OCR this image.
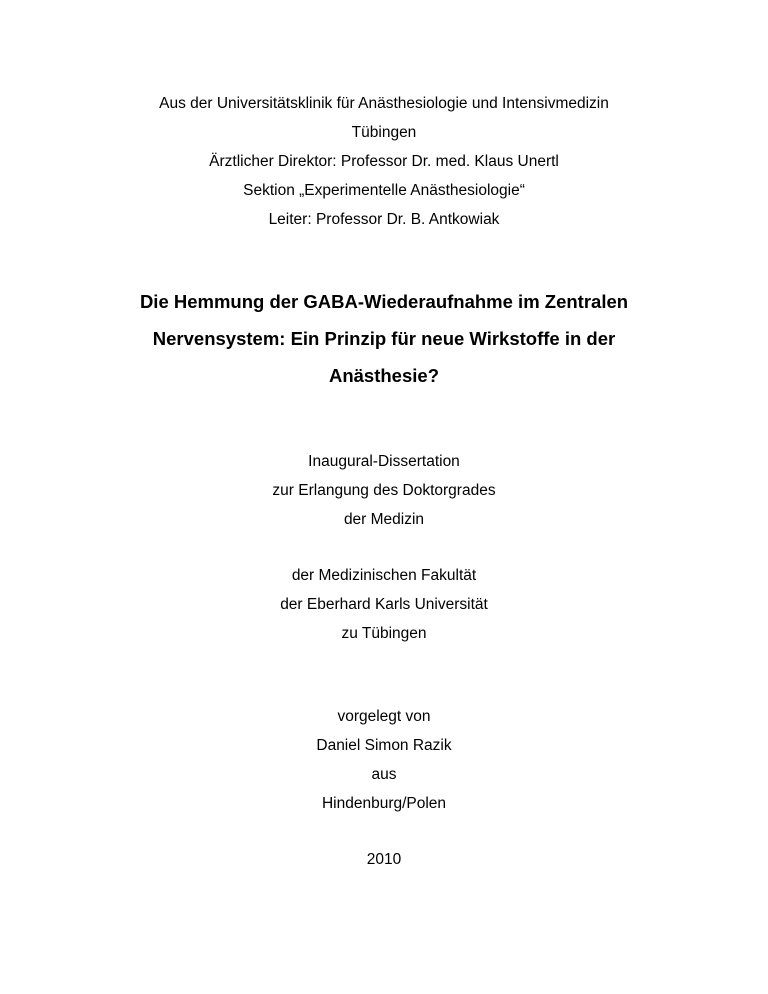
Aus der Universitätsklinik für Anästhesiologie und Intensivmedizin
Tübingen
Ärztlicher Direktor: Professor Dr. med. Klaus Unertl
Sektion „Experimentelle Anästhesiologie“
Leiter: Professor Dr. B. Antkowiak
Die Hemmung der GABA-Wiederaufnahme im Zentralen
Nervensystem: Ein Prinzip für neue Wirkstoffe in der
Anästhesie?
Inaugural-Dissertation
zur Erlangung des Doktorgrades
der Medizin
der Medizinischen Fakultät
der Eberhard Karls Universität
zu Tübingen
vorgelegt von
Daniel Simon Razik
aus
Hindenburg/Polen
2010
